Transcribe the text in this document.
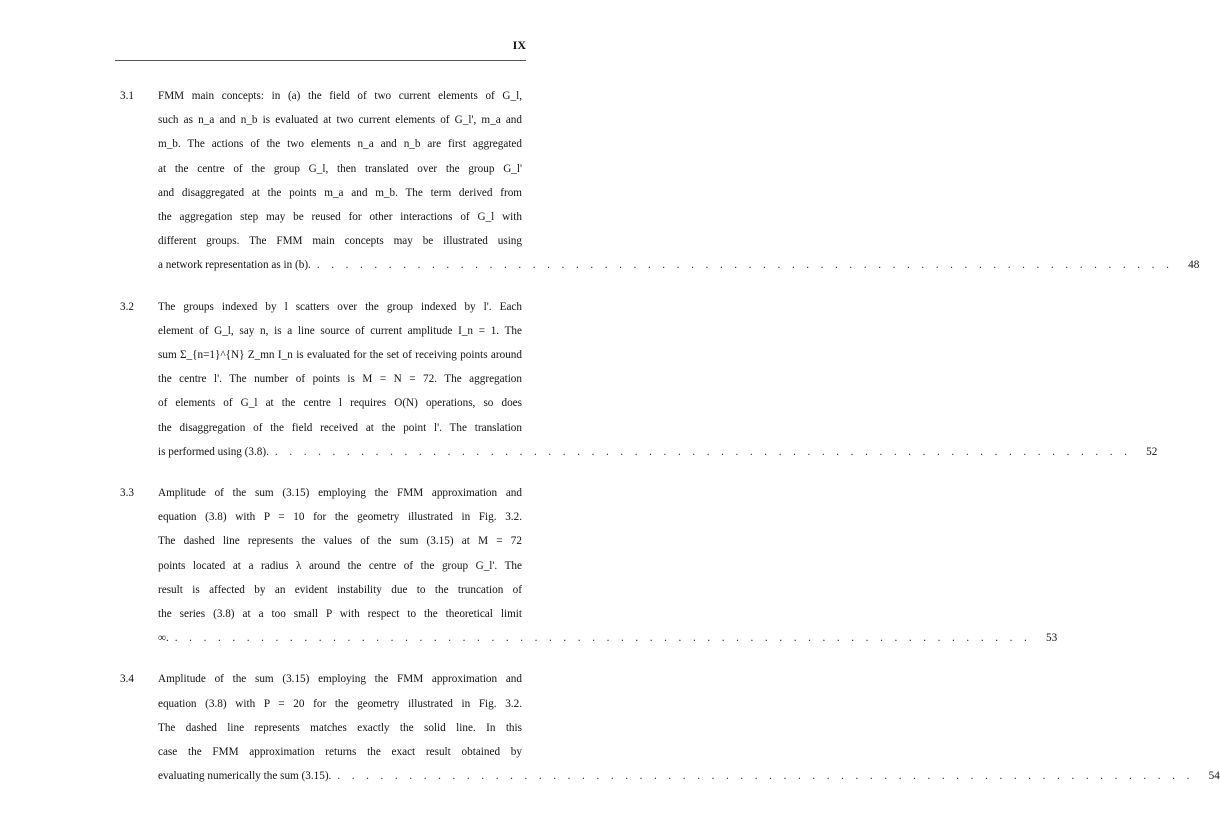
IX
3.1 FMM main concepts: in (a) the field of two current elements of G_l,
such as n_a and n_b is evaluated at two current elements of G_l', m_a and
m_b. The actions of the two elements n_a and n_b are first aggregated
at the centre of the group G_l, then translated over the group G_l'
and disaggregated at the points m_a and m_b. The term derived from
the aggregation step may be reused for other interactions of G_l with
different groups. The FMM main concepts may be illustrated using
a network representation as in (b). . . . . . . . . . . . . . . . . . . . . . . . . . . . . . . . . . . . . . . . . . . . . . . . . . . . . . . . . . . . .	48
3.2 The groups indexed by l scatters over the group indexed by l'. Each
element of G_l, say n, is a line source of current amplitude I_n = 1. The
sum Σ_{n=1}^{N} Z_mn I_n is evaluated for the set of receiving points around
the centre l'. The number of points is M = N = 72. The aggregation
of elements of G_l at the centre l requires O(N) operations, so does
the disaggregation of the field received at the point l'. The translation
is performed using (3.8). . . . . . . . . . . . . . . . . . . . . . . . . . . . . . . . . . . . . . . . . . . . . . . . . . . . . . . . . . . . .	52
3.3 Amplitude of the sum (3.15) employing the FMM approximation and
equation (3.8) with P = 10 for the geometry illustrated in Fig. 3.2.
The dashed line represents the values of the sum (3.15) at M = 72
points located at a radius λ around the centre of the group G_l'. The
result is affected by an evident instability due to the truncation of
the series (3.8) at a too small P with respect to the theoretical limit
∞. . . . . . . . . . . . . . . . . . . . . . . . . . . . . . . . . . . . . . . . . . . . . . . . . . . . . . . . . . . . .	53
3.4 Amplitude of the sum (3.15) employing the FMM approximation and
equation (3.8) with P = 20 for the geometry illustrated in Fig. 3.2.
The dashed line represents matches exactly the solid line. In this
case the FMM approximation returns the exact result obtained by
evaluating numerically the sum (3.15). . . . . . . . . . . . . . . . . . . . . . . . . . . . . . . . . . . . . . . . . . . . . . . . . . . . . . . . . . . . .	54
